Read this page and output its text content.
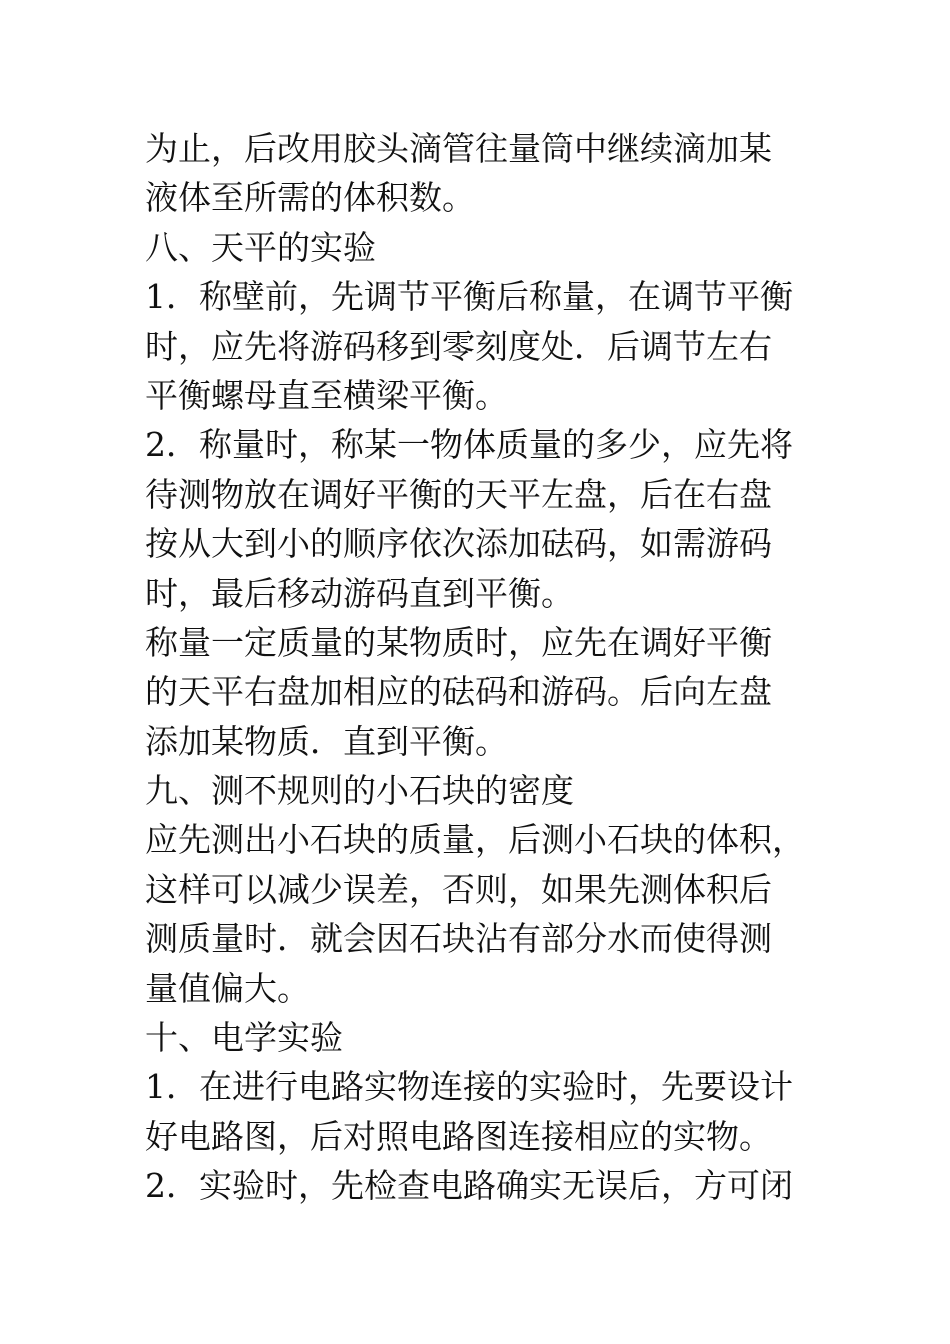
为止，后改用胶头滴管往量筒中继续滴加某

液体至所需的体积数。

八、天平的实验

1．称壁前，先调节平衡后称量，在调节平衡

时，应先将游码移到零刻度处．后调节左右

平衡螺母直至横梁平衡。

2．称量时，称某一物体质量的多少，应先将

待测物放在调好平衡的天平左盘，后在右盘

按从大到小的顺序依次添加砝码，如需游码

时，最后移动游码直到平衡。

称量一定质量的某物质时，应先在调好平衡

的天平右盘加相应的砝码和游码。后向左盘

添加某物质．直到平衡。

九、测不规则的小石块的密度

应先测出小石块的质量，后测小石块的体积，

这样可以减少误差，否则，如果先测体积后

测质量时．就会因石块沾有部分水而使得测

量值偏大。

十、电学实验

1．在进行电路实物连接的实验时，先要设计

好电路图，后对照电路图连接相应的实物。

2．实验时，先检查电路确实无误后，方可闭
